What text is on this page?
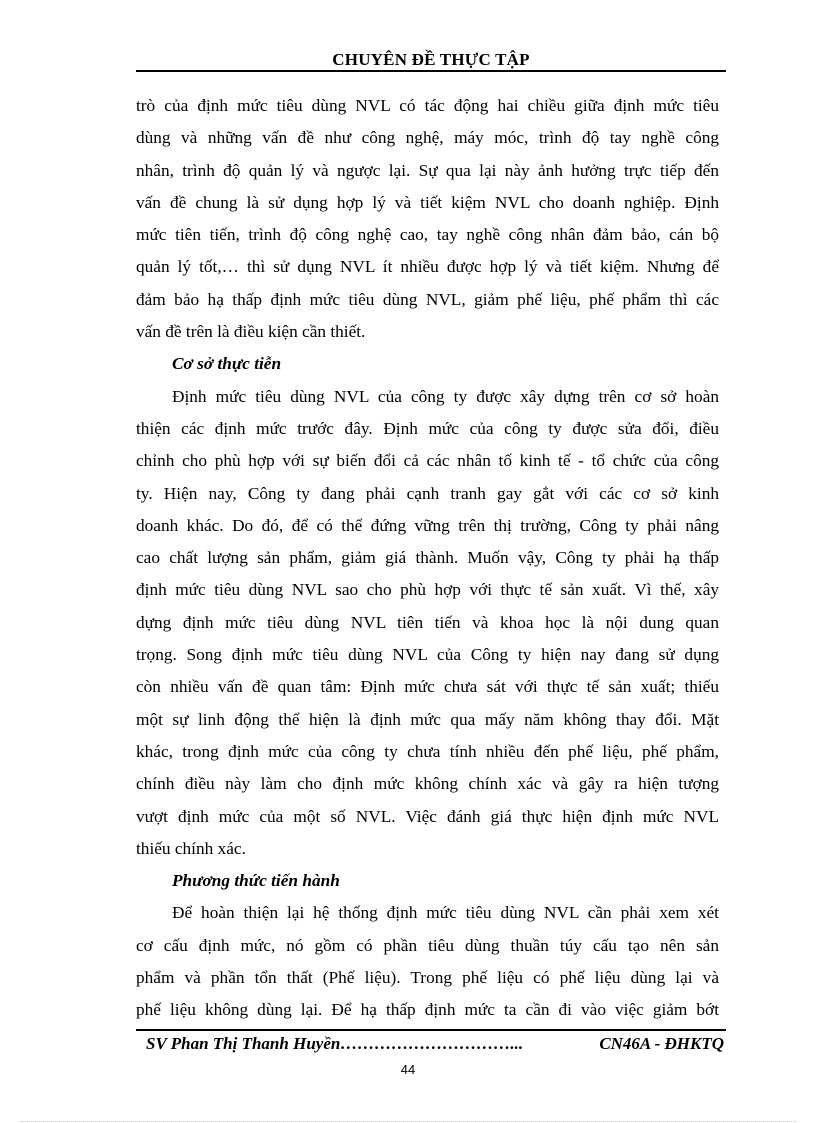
CHUYÊN ĐỀ THỰC TẬP
trò của định mức tiêu dùng NVL có tác động hai chiều giữa định mức tiêu
dùng và những vấn đề như công nghệ, máy móc, trình độ tay nghề công
nhân, trình độ quản lý và ngược lại. Sự qua lại này ảnh hưởng trực tiếp đến
vấn đề chung là sử dụng hợp lý và tiết kiệm NVL cho doanh nghiệp. Định
mức tiên tiến, trình độ công nghệ cao, tay nghề công nhân đảm bảo, cán bộ
quản lý tốt,… thì sử dụng NVL ít nhiều được hợp lý và tiết kiệm. Nhưng để
đảm bảo hạ thấp định mức tiêu dùng NVL, giảm phế liệu, phế phẩm thì các
vấn đề trên là điều kiện cần thiết.
Cơ sở thực tiễn
Định mức tiêu dùng NVL của công ty được xây dựng trên cơ sở hoàn
thiện các định mức trước đây. Định mức của công ty được sửa đổi, điều
chỉnh cho phù hợp với sự biến đổi cả các nhân tố kinh tế - tổ chức của công
ty. Hiện nay, Công ty đang phải cạnh tranh gay gắt với các cơ sở kinh
doanh khác. Do đó, để có thể đứng vững trên thị trường, Công ty phải nâng
cao chất lượng sản phẩm, giảm giá thành. Muốn vậy, Công ty phải hạ thấp
định mức tiêu dùng NVL sao cho phù hợp với thực tế sản xuất. Vì thế, xây
dựng định mức tiêu dùng NVL tiên tiến và khoa học là nội dung quan
trọng. Song định mức tiêu dùng NVL của Công ty hiện nay đang sử dụng
còn nhiều vấn đề quan tâm: Định mức chưa sát với thực tế sản xuất; thiếu
một sự linh động thể hiện là định mức qua mấy năm không thay đổi. Mặt
khác, trong định mức của công ty chưa tính nhiều đến phế liệu, phế phẩm,
chính điều này làm cho định mức không chính xác và gây ra hiện tượng
vượt định mức của một số NVL. Việc đánh giá thực hiện định mức NVL
thiếu chính xác.
Phương thức tiến hành
Để hoàn thiện lại hệ thống định mức tiêu dùng NVL cần phải xem xét
cơ cấu định mức, nó gồm có phần tiêu dùng thuần túy cấu tạo nên sản
phẩm và phần tổn thất (Phế liệu). Trong phế liệu có phế liệu dùng lại và
phế liệu không dùng lại. Để hạ thấp định mức ta cần đi vào việc giảm bớt
SV Phan Thị Thanh Huyền…………………………...	CN46A - ĐHKTQ
44
